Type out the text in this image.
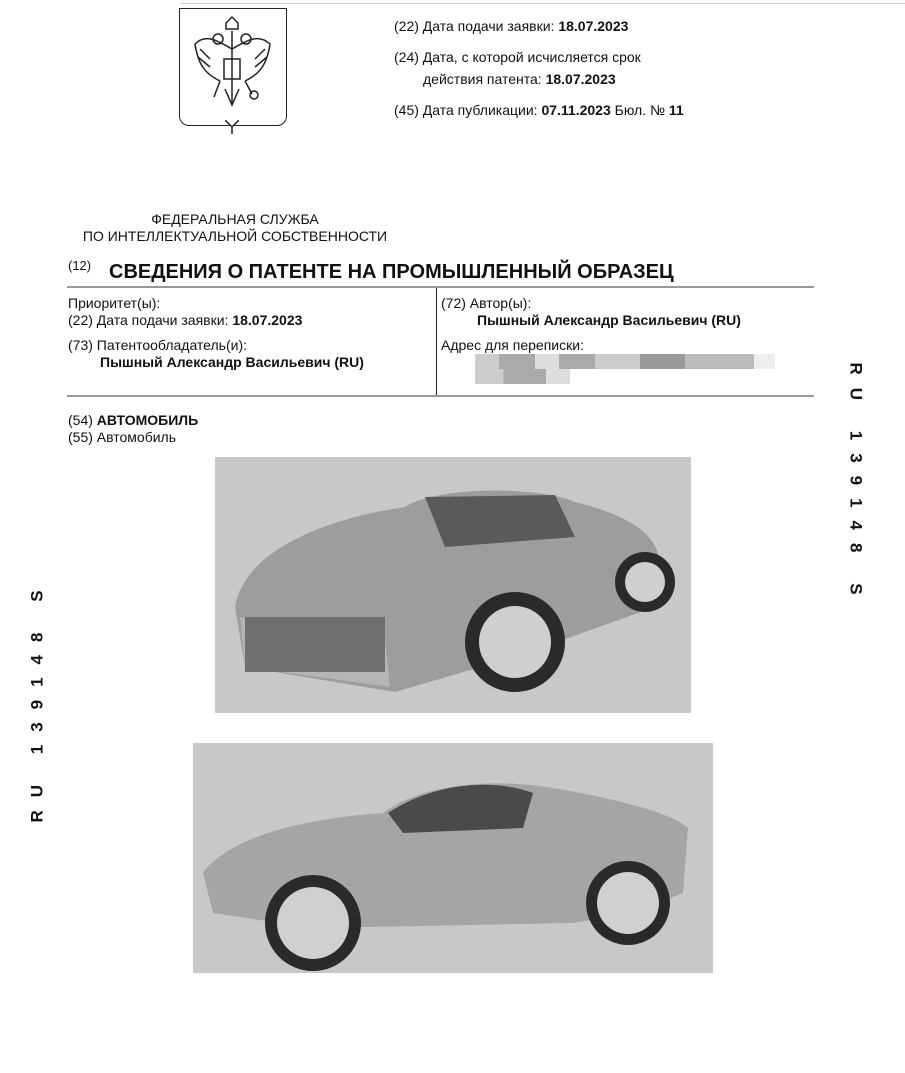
(22) Дата подачи заявки: 18.07.2023
(24) Дата, с которой исчисляется срок
действия патента: 18.07.2023
(45) Дата публикации: 07.11.2023 Бюл. № 11
ФЕДЕРАЛЬНАЯ СЛУЖБА
ПО ИНТЕЛЛЕКТУАЛЬНОЙ СОБСТВЕННОСТИ
(12) СВЕДЕНИЯ О ПАТЕНТЕ НА ПРОМЫШЛЕННЫЙ ОБРАЗЕЦ
Приоритет(ы):
(22) Дата подачи заявки: 18.07.2023
(73) Патентообладатель(и):
Пышный Александр Васильевич (RU)
(72) Автор(ы):
Пышный Александр Васильевич (RU)
Адрес для переписки:
(54) АВТОМОБИЛЬ
(55) Автомобиль
RU 139148 S
RU 139148 S
